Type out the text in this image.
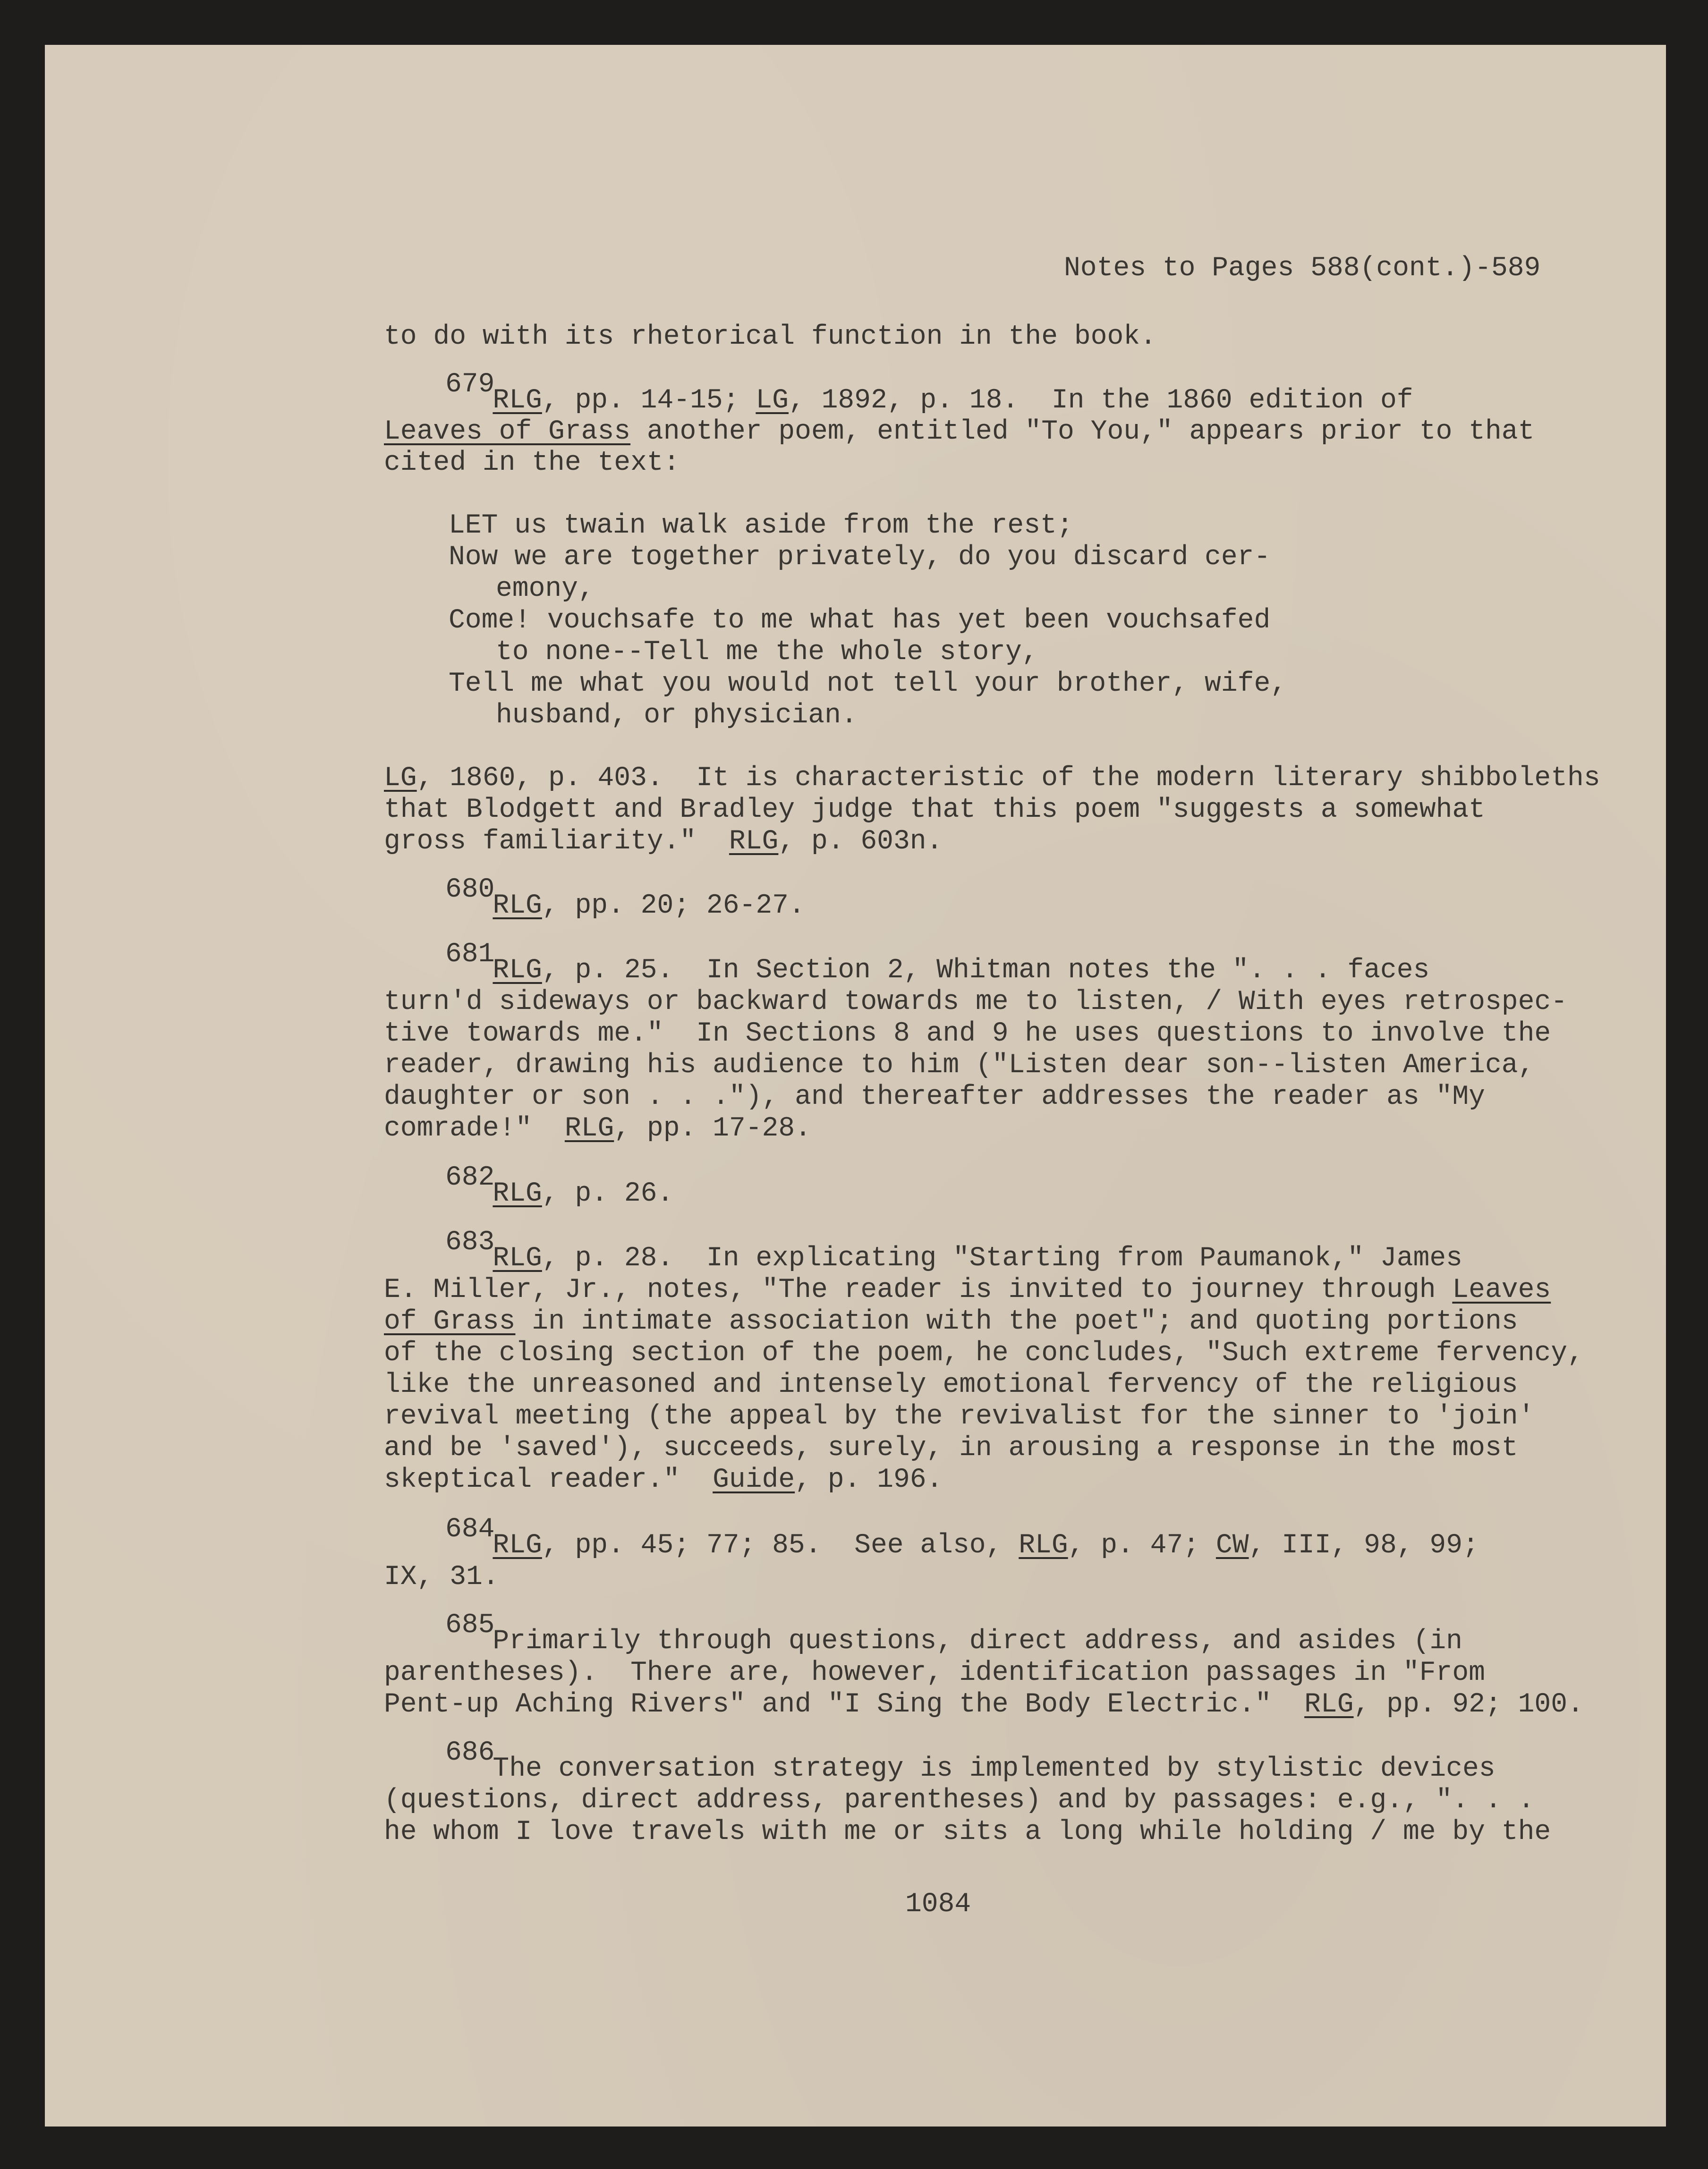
Notes to Pages 588(cont.)-589
to do with its rhetorical function in the book.
679RLG, pp. 14-15; LG, 1892, p. 18.  In the 1860 edition of
Leaves of Grass another poem, entitled "To You," appears prior to that
cited in the text:
LET us twain walk aside from the rest;
Now we are together privately, do you discard cer-
emony,
Come! vouchsafe to me what has yet been vouchsafed
to none--Tell me the whole story,
Tell me what you would not tell your brother, wife,
husband, or physician.
LG, 1860, p. 403.  It is characteristic of the modern literary shibboleths
that Blodgett and Bradley judge that this poem "suggests a somewhat
gross familiarity."  RLG, p. 603n.
680RLG, pp. 20; 26-27.
681RLG, p. 25.  In Section 2, Whitman notes the ". . . faces
turn'd sideways or backward towards me to listen, / With eyes retrospec-
tive towards me."  In Sections 8 and 9 he uses questions to involve the
reader, drawing his audience to him ("Listen dear son--listen America,
daughter or son . . ."), and thereafter addresses the reader as "My
comrade!"  RLG, pp. 17-28.
682RLG, p. 26.
683RLG, p. 28.  In explicating "Starting from Paumanok," James
E. Miller, Jr., notes, "The reader is invited to journey through Leaves
of Grass in intimate association with the poet"; and quoting portions
of the closing section of the poem, he concludes, "Such extreme fervency,
like the unreasoned and intensely emotional fervency of the religious
revival meeting (the appeal by the revivalist for the sinner to 'join'
and be 'saved'), succeeds, surely, in arousing a response in the most
skeptical reader."  Guide, p. 196.
684RLG, pp. 45; 77; 85.  See also, RLG, p. 47; CW, III, 98, 99;
IX, 31.
685Primarily through questions, direct address, and asides (in
parentheses).  There are, however, identification passages in "From
Pent-up Aching Rivers" and "I Sing the Body Electric."  RLG, pp. 92; 100.
686The conversation strategy is implemented by stylistic devices
(questions, direct address, parentheses) and by passages: e.g., ". . .
he whom I love travels with me or sits a long while holding / me by the
1084
